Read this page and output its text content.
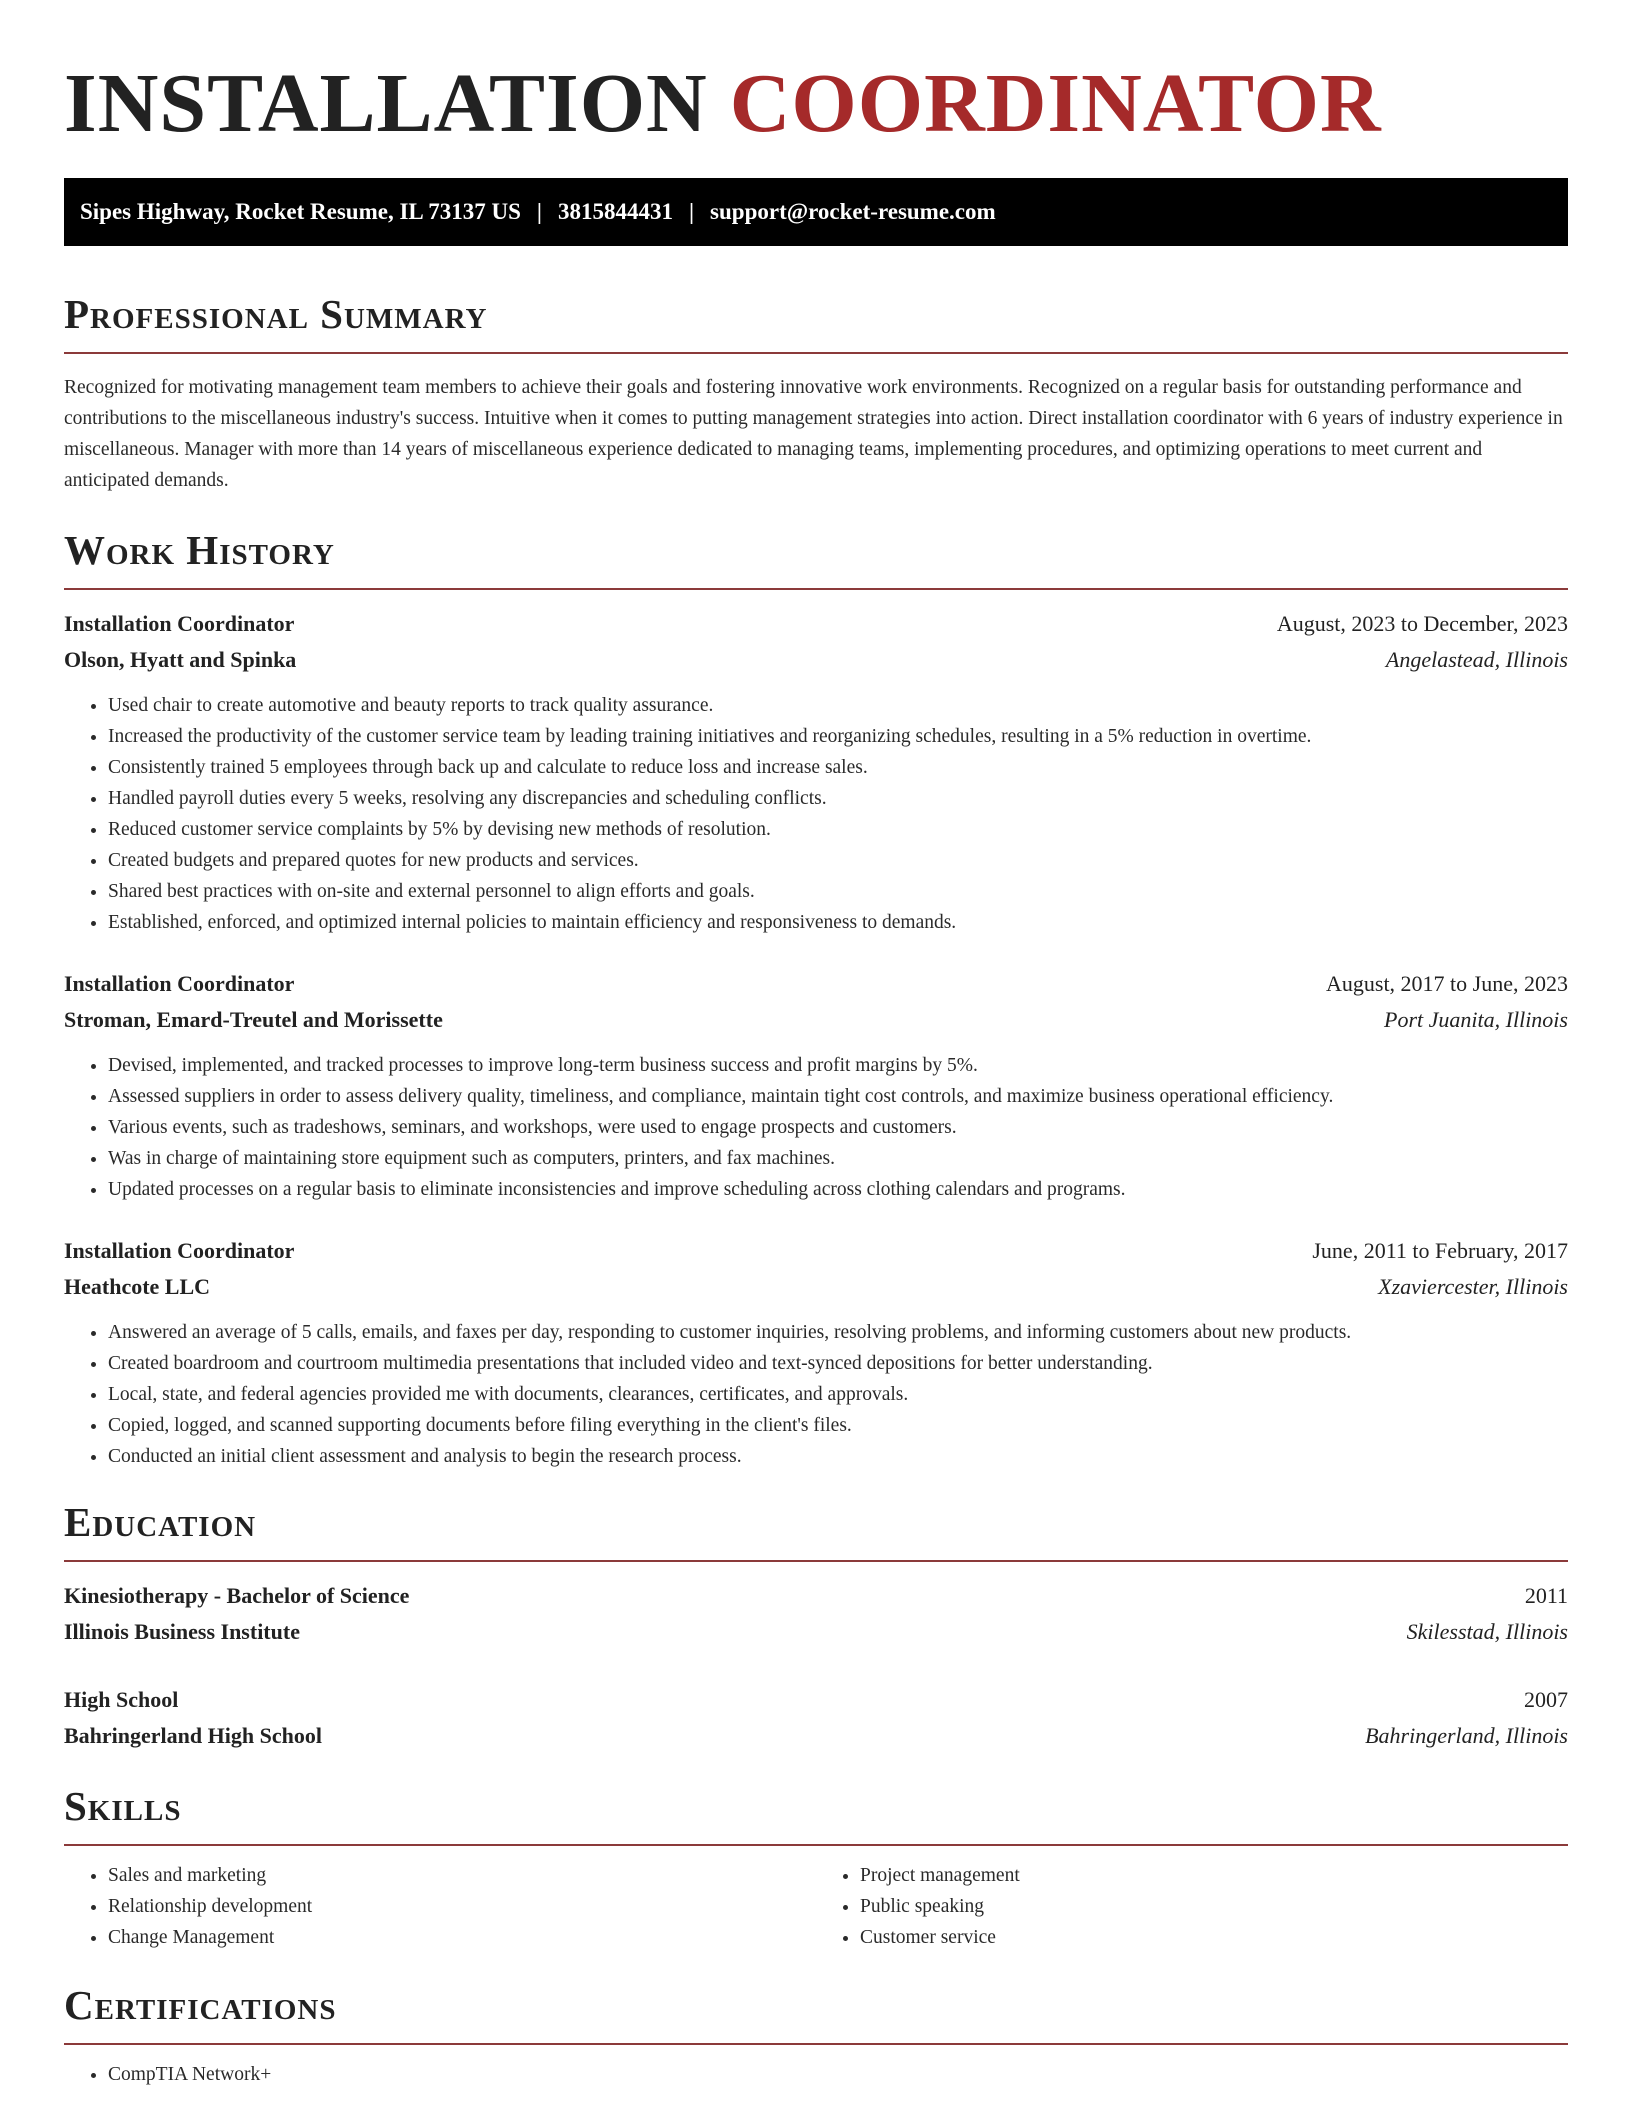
INSTALLATION COORDINATOR
Sipes Highway, Rocket Resume, IL 73137 US | 3815844431 | support@rocket-resume.com
Professional Summary

Recognized for motivating management team members to achieve their goals and fostering innovative work environments. Recognized on a regular basis for outstanding performance and contributions to the miscellaneous industry's success. Intuitive when it comes to putting management strategies into action. Direct installation coordinator with 6 years of industry experience in miscellaneous. Manager with more than 14 years of miscellaneous experience dedicated to managing teams, implementing procedures, and optimizing operations to meet current and anticipated demands.

Work History
Installation Coordinator	August, 2023 to December, 2023
Olson, Hyatt and Spinka	Angelastead, Illinois
• Used chair to create automotive and beauty reports to track quality assurance.
• Increased the productivity of the customer service team by leading training initiatives and reorganizing schedules, resulting in a 5% reduction in overtime.
• Consistently trained 5 employees through back up and calculate to reduce loss and increase sales.
• Handled payroll duties every 5 weeks, resolving any discrepancies and scheduling conflicts.
• Reduced customer service complaints by 5% by devising new methods of resolution.
• Created budgets and prepared quotes for new products and services.
• Shared best practices with on-site and external personnel to align efforts and goals.
• Established, enforced, and optimized internal policies to maintain efficiency and responsiveness to demands.
Installation Coordinator	August, 2017 to June, 2023
Stroman, Emard-Treutel and Morissette	Port Juanita, Illinois
• Devised, implemented, and tracked processes to improve long-term business success and profit margins by 5%.
• Assessed suppliers in order to assess delivery quality, timeliness, and compliance, maintain tight cost controls, and maximize business operational efficiency.
• Various events, such as tradeshows, seminars, and workshops, were used to engage prospects and customers.
• Was in charge of maintaining store equipment such as computers, printers, and fax machines.
• Updated processes on a regular basis to eliminate inconsistencies and improve scheduling across clothing calendars and programs.
Installation Coordinator	June, 2011 to February, 2017
Heathcote LLC	Xzaviercester, Illinois
• Answered an average of 5 calls, emails, and faxes per day, responding to customer inquiries, resolving problems, and informing customers about new products.
• Created boardroom and courtroom multimedia presentations that included video and text-synced depositions for better understanding.
• Local, state, and federal agencies provided me with documents, clearances, certificates, and approvals.
• Copied, logged, and scanned supporting documents before filing everything in the client's files.
• Conducted an initial client assessment and analysis to begin the research process.
Education
Kinesiotherapy - Bachelor of Science	2011
Illinois Business Institute	Skilesstad, Illinois
High School	2007
Bahringerland High School	Bahringerland, Illinois
Skills
• Sales and marketing
• Relationship development
• Change Management
• Project management
• Public speaking
• Customer service
Certifications
• CompTIA Network+
